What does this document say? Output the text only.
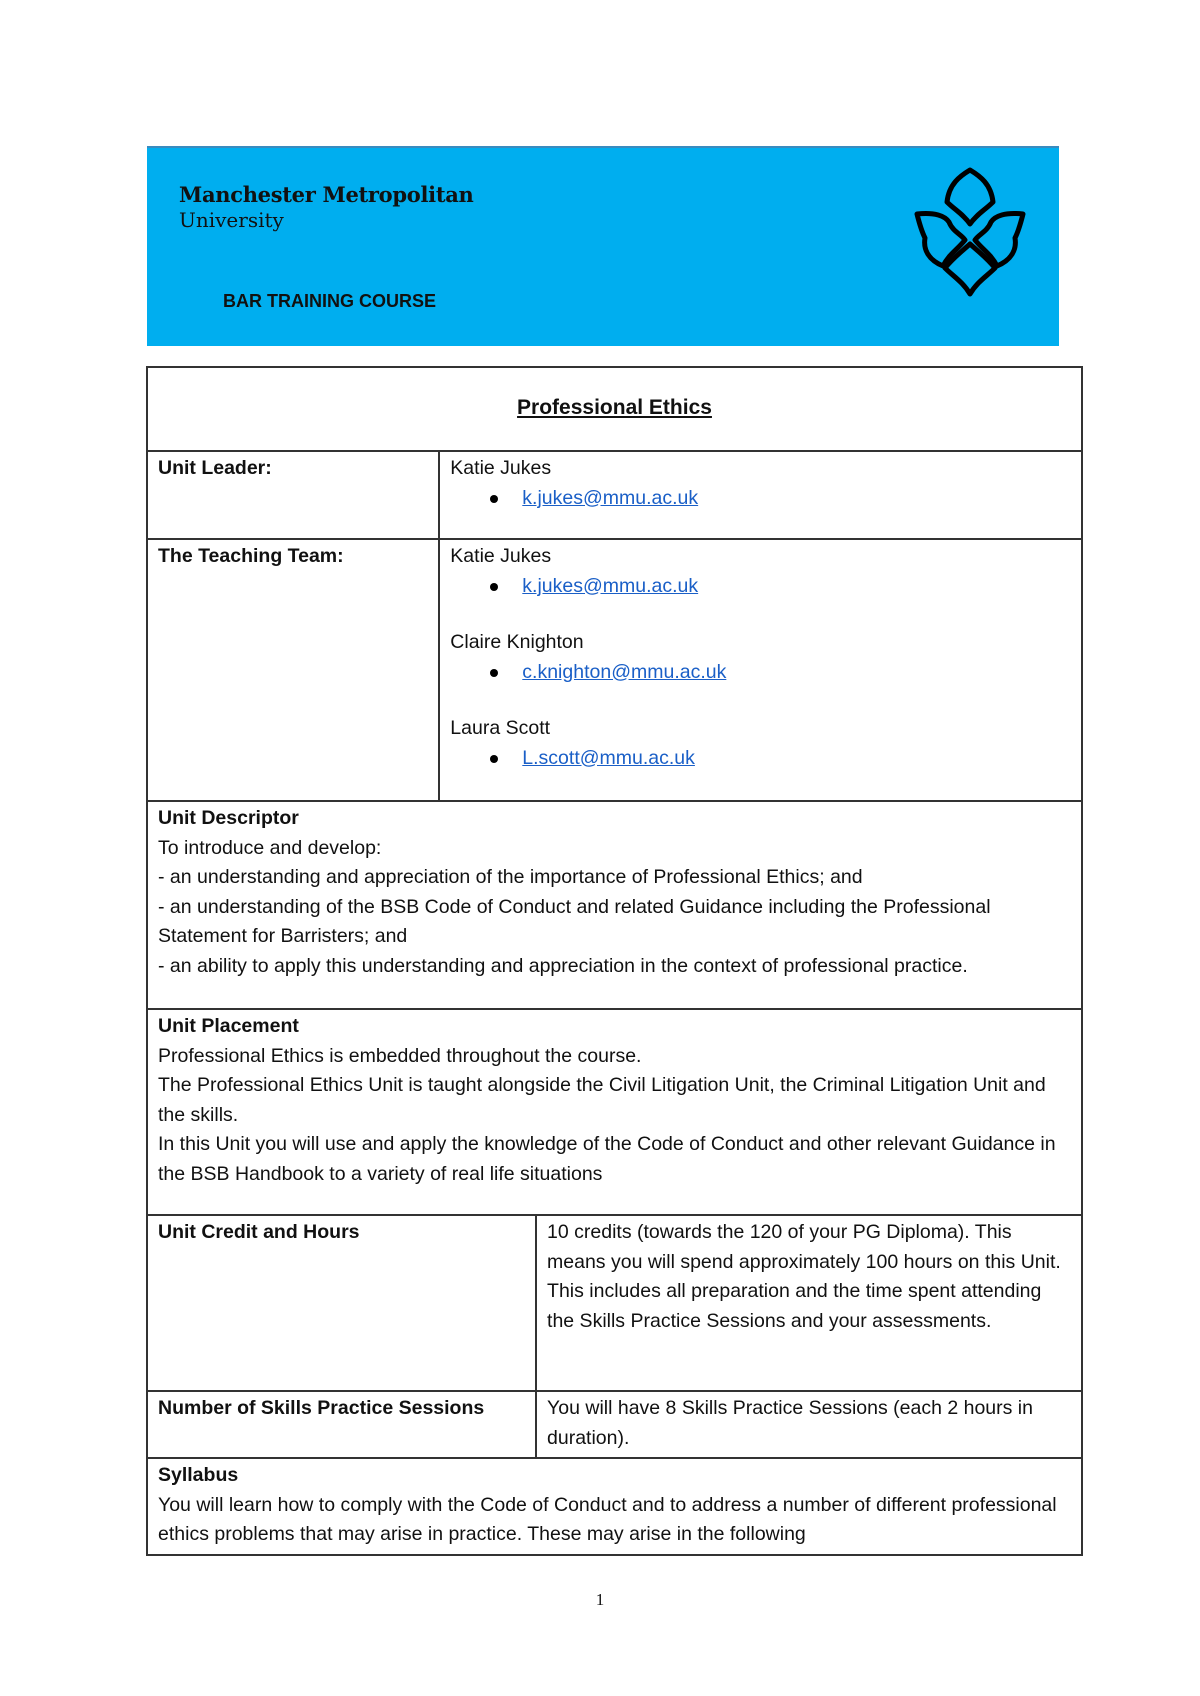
Manchester Metropolitan
University
BAR TRAINING COURSE
Professional Ethics		
Unit Leader:	Katie Jukes
k.jukes@mmu.ac.uk

The Teaching Team:	Katie Jukes
k.jukes@mmu.ac.uk
Claire Knighton
c.knighton@mmu.ac.uk
Laura Scott
L.scott@mmu.ac.uk

Unit Descriptor
To introduce and develop:
- an understanding and appreciation of the importance of Professional Ethics; and
- an understanding of the BSB Code of Conduct and related Guidance including the Professional Statement for Barristers; and
- an ability to apply this understanding and appreciation in the context of professional practice.		

Unit Placement
Professional Ethics is embedded throughout the course.
The Professional Ethics Unit is taught alongside the Civil Litigation Unit, the Criminal Litigation Unit and the skills.
In this Unit you will use and apply the knowledge of the Code of Conduct and other relevant Guidance in the BSB Handbook to a variety of real life situations		

Unit Credit and Hours		10 credits (towards the 120 of your PG Diploma). This means you will spend approximately 100 hours on this Unit. This includes all preparation and the time spent attending the Skills Practice Sessions and your assessments.
Number of Skills Practice Sessions		You will have 8 Skills Practice Sessions (each 2 hours in duration).

Syllabus
You will learn how to comply with the Code of Conduct and to address a number of different professional ethics problems that may arise in practice. These may arise in the following		
1
